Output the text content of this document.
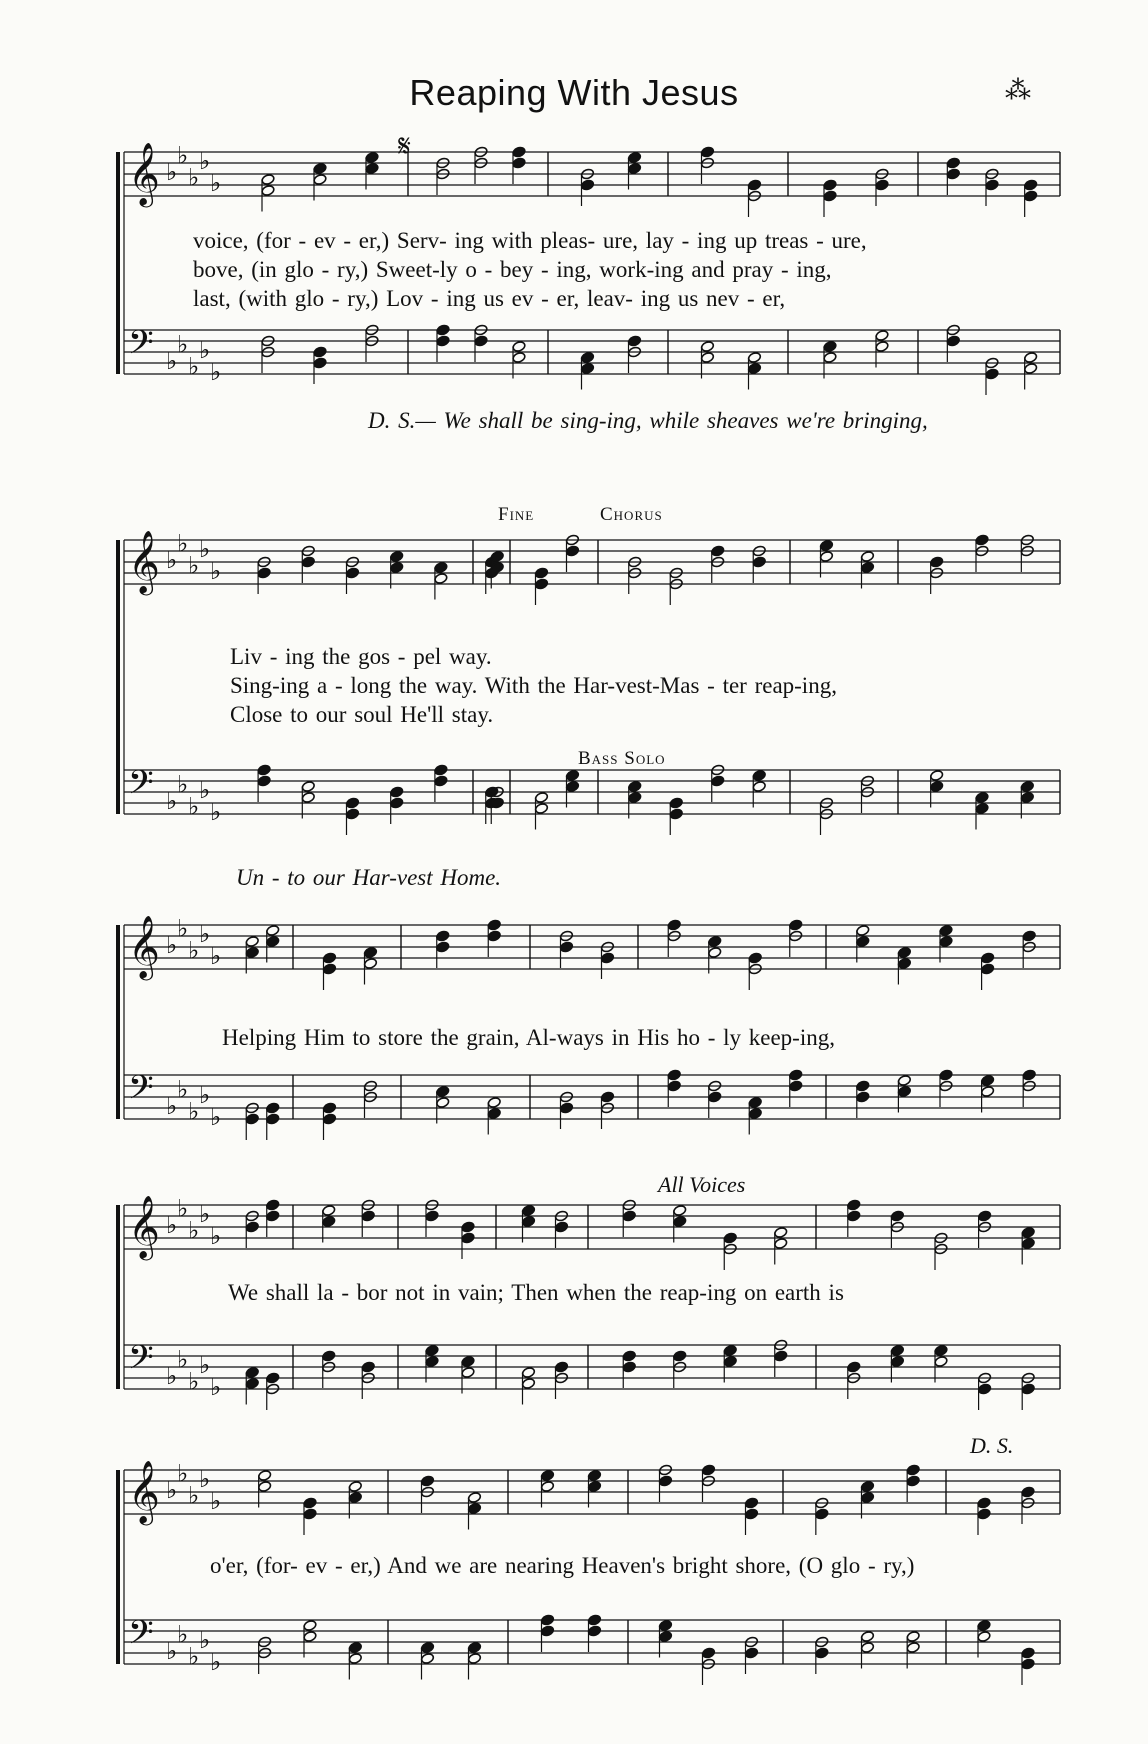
Reaping With Jesus	⁂
𝄞 ♭
♭
♭
♭
♭
𝄢 ♭
♭
♭
♭
♭
𝄋
voice, (for - ev - er,) Serv- ing with pleas- ure, lay - ing up treas - ure,
bove, (in glo - ry,) Sweet-ly o - bey - ing, work-ing and pray - ing,
last, (with glo - ry,) Lov - ing us ev - er, leav- ing us nev - er,
D. S.— We shall be sing-ing, while sheaves we're bringing,
Fine	Chorus
𝄞 ♭
♭
♭
♭
♭
𝄢 ♭
♭
♭
♭
♭
Liv - ing the gos - pel way.
Sing-ing a - long the way. With the Har-vest-Mas - ter reap-ing,
Close to our soul He'll stay.
Bass Solo
Un - to our Har-vest Home.
𝄞 ♭
♭
♭
♭
♭
𝄢 ♭
♭
♭
♭
♭
Helping Him to store the grain, Al-ways in His ho - ly keep-ing,
All Voices
𝄞 ♭
♭
♭
♭
♭
𝄢 ♭
♭
♭
♭
♭
We shall la - bor not in vain; Then when the reap-ing on earth is
D. S.
𝄞 ♭
♭
♭
♭
♭
𝄢 ♭
♭
♭
♭
♭
o'er, (for- ev - er,) And we are nearing Heaven's bright shore, (O glo - ry,)
